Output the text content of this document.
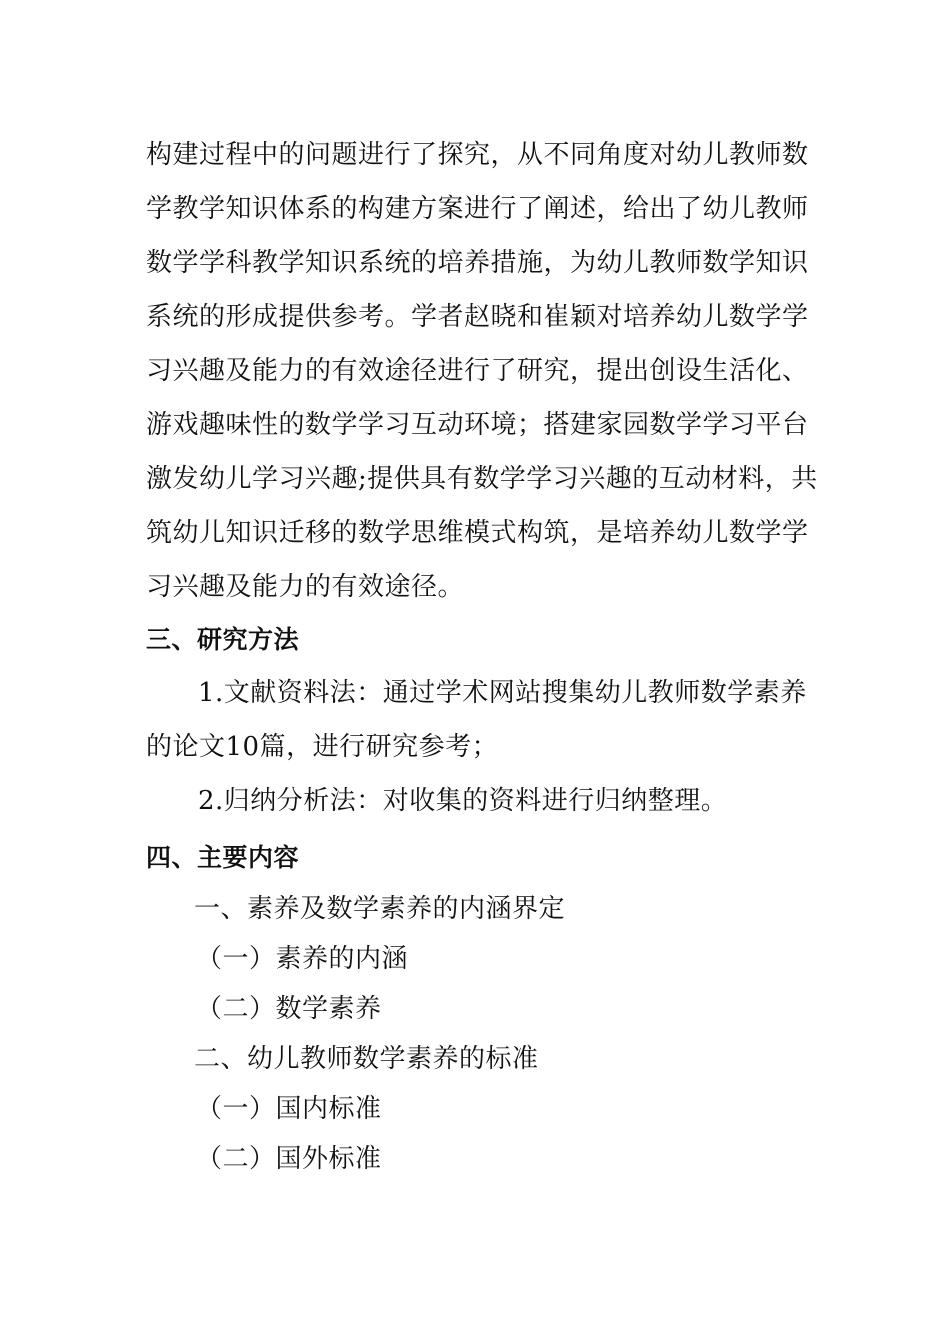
构建过程中的问题进行了探究，从不同角度对幼儿教师数
学教学知识体系的构建方案进行了阐述，给出了幼儿教师
数学学科教学知识系统的培养措施，为幼儿教师数学知识
系统的形成提供参考。学者赵晓和崔颖对培养幼儿数学学
习兴趣及能力的有效途径进行了研究，提出创设生活化、
游戏趣味性的数学学习互动环境；搭建家园数学学习平台
激发幼儿学习兴趣;提供具有数学学习兴趣的互动材料，共
筑幼儿知识迁移的数学思维模式构筑，是培养幼儿数学学
习兴趣及能力的有效途径。
三、研究方法
1.文献资料法：通过学术网站搜集幼儿教师数学素养
的论文10篇，进行研究参考；
2.归纳分析法：对收集的资料进行归纳整理。
四、主要内容
一、素养及数学素养的内涵界定
（一）素养的内涵
（二）数学素养
二、幼儿教师数学素养的标准
（一）国内标准
（二）国外标准
